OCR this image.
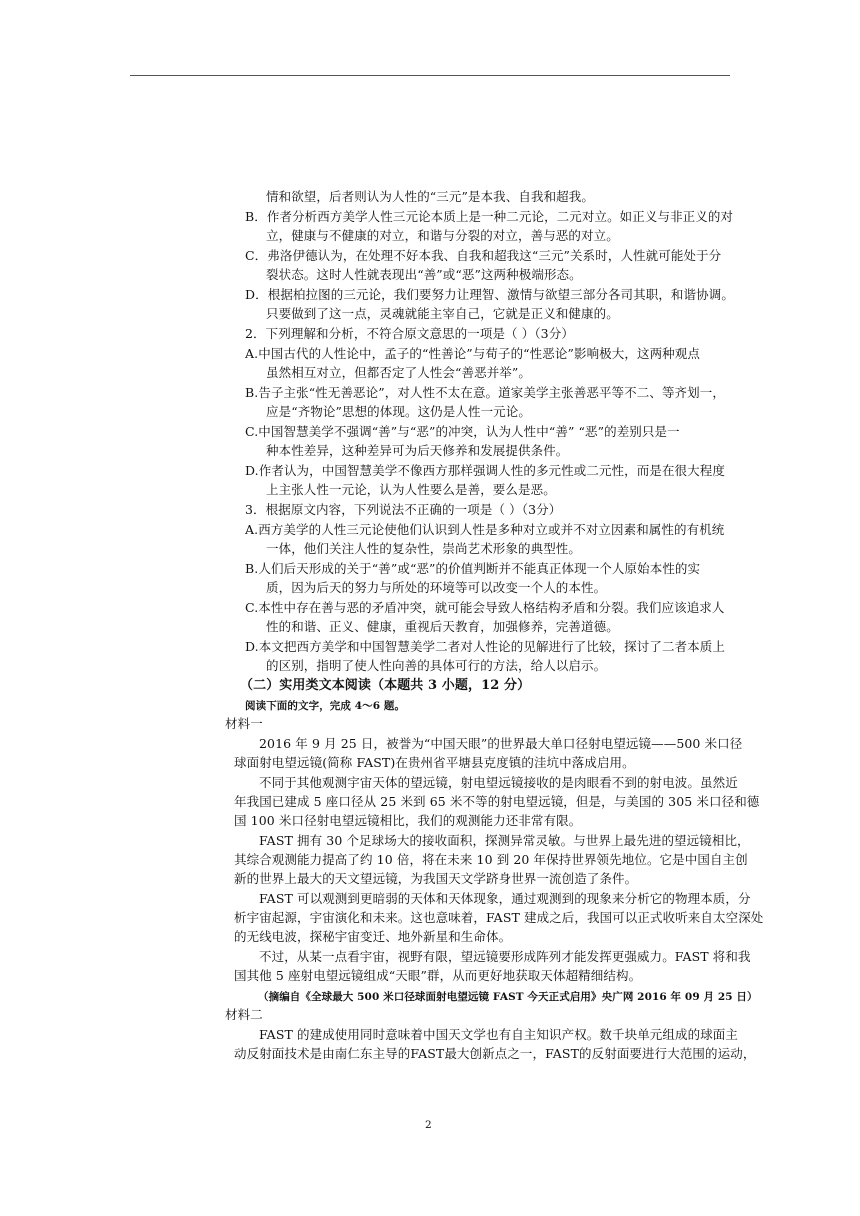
情和欲望，后者则认为人性的“三元”是本我、自我和超我。
B．作者分析西方美学人性三元论本质上是一种二元论，二元对立。如正义与非正义的对
立，健康与不健康的对立，和谐与分裂的对立，善与恶的对立。
C．弗洛伊德认为，在处理不好本我、自我和超我这“三元”关系时，人性就可能处于分
裂状态。这时人性就表现出“善”或“恶”这两种极端形态。
D．根据柏拉图的三元论，我们要努力让理智、激情与欲望三部分各司其职，和谐协调。
只要做到了这一点，灵魂就能主宰自己，它就是正义和健康的。
2．下列理解和分析，不符合原文意思的一项是（ ）（3分）
A.中国古代的人性论中，孟子的“性善论”与荀子的“性恶论”影响极大，这两种观点
虽然相互对立，但都否定了人性会“善恶并举”。
B.告子主张“性无善恶论”，对人性不太在意。道家美学主张善恶平等不二、等齐划一，
应是“齐物论”思想的体现。这仍是人性一元论。
C.中国智慧美学不强调“善”与“恶”的冲突，认为人性中“善” “恶”的差别只是一
种本性差异，这种差异可为后天修养和发展提供条件。
D.作者认为，中国智慧美学不像西方那样强调人性的多元性或二元性，而是在很大程度
上主张人性一元论，认为人性要么是善，要么是恶。
3．根据原文内容，下列说法不正确的一项是（ ）（3分）
A.西方美学的人性三元论使他们认识到人性是多种对立或并不对立因素和属性的有机统
一体，他们关注人性的复杂性，崇尚艺术形象的典型性。
B.人们后天形成的关于“善”或“恶”的价值判断并不能真正体现一个人原始本性的实
质，因为后天的努力与所处的环境等可以改变一个人的本性。
C.本性中存在善与恶的矛盾冲突，就可能会导致人格结构矛盾和分裂。我们应该追求人
性的和谐、正义、健康，重视后天教育，加强修养，完善道德。
D.本文把西方美学和中国智慧美学二者对人性论的见解进行了比较，探讨了二者本质上
的区别，指明了使人性向善的具体可行的方法，给人以启示。
（二）实用类文本阅读（本题共 3 小题，12 分）
阅读下面的文字，完成 4～6 题。
材料一
2016 年 9 月 25 日，被誉为“中国天眼”的世界最大单口径射电望远镜——500 米口径
球面射电望远镜(简称 FAST)在贵州省平塘县克度镇的洼坑中落成启用。
不同于其他观测宇宙天体的望远镜，射电望远镜接收的是肉眼看不到的射电波。虽然近
年我国已建成 5 座口径从 25 米到 65 米不等的射电望远镜，但是，与美国的 305 米口径和德
国 100 米口径射电望远镜相比，我们的观测能力还非常有限。
FAST 拥有 30 个足球场大的接收面积，探测异常灵敏。与世界上最先进的望远镜相比，
其综合观测能力提高了约 10 倍，将在未来 10 到 20 年保持世界领先地位。它是中国自主创
新的世界上最大的天文望远镜，为我国天文学跻身世界一流创造了条件。
FAST 可以观测到更暗弱的天体和天体现象，通过观测到的现象来分析它的物理本质，分
析宇宙起源，宇宙演化和未来。这也意味着，FAST 建成之后，我国可以正式收听来自太空深处
的无线电波，探秘宇宙变迁、地外新星和生命体。
不过，从某一点看宇宙，视野有限，望远镜要形成阵列才能发挥更强威力。FAST 将和我
国其他 5 座射电望远镜组成“天眼”群，从而更好地获取天体超精细结构。
（摘编自《全球最大 500 米口径球面射电望远镜 FAST 今天正式启用》央广网 2016 年 09 月 25 日）
材料二
FAST 的建成使用同时意味着中国天文学也有自主知识产权。数千块单元组成的球面主
动反射面技术是由南仁东主导的FAST最大创新点之一，FAST的反射面要进行大范围的运动，
2
